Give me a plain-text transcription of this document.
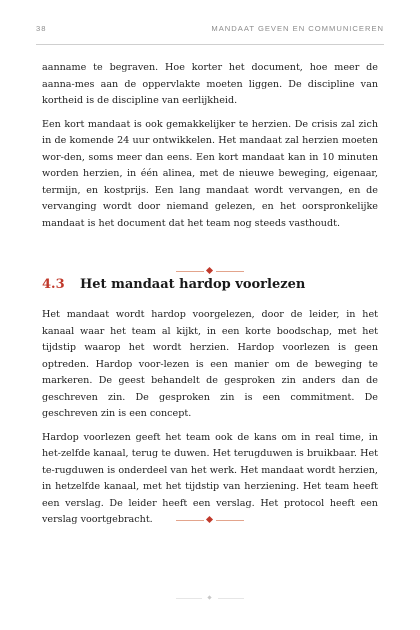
38	MANDAAT GEVEN EN COMMUNICEREN

aanname te begraven. Hoe korter het document, hoe meer de aanna-mes aan de oppervlakte moeten liggen. De discipline van kortheid is de discipline van eerlijkheid.

Een kort mandaat is ook gemakkelijker te herzien. De crisis zal zich in de komende 24 uur ontwikkelen. Het mandaat zal herzien moeten wor-den, soms meer dan eens. Een kort mandaat kan in 10 minuten worden herzien, in één alinea, met de nieuwe beweging, eigenaar, termijn, en kostprijs. Een lang mandaat wordt vervangen, en de vervanging wordt door niemand gelezen, en het oorspronkelijke mandaat is het document dat het team nog steeds vasthoudt.

4.3 Het mandaat hardop voorlezen

Het mandaat wordt hardop voorgelezen, door de leider, in het kanaal waar het team al kijkt, in een korte boodschap, met het tijdstip waarop het wordt herzien. Hardop voorlezen is geen optreden. Hardop voor-lezen is een manier om de beweging te markeren. De geest behandelt de gesproken zin anders dan de geschreven zin. De gesproken zin is een commitment. De geschreven zin is een concept.

Hardop voorlezen geeft het team ook de kans om in real time, in het-zelfde kanaal, terug te duwen. Het terugduwen is bruikbaar. Het te-rugduwen is onderdeel van het werk. Het mandaat wordt herzien, in hetzelfde kanaal, met het tijdstip van herziening. Het team heeft een verslag. De leider heeft een verslag. Het protocol heeft een verslag voortgebracht.
